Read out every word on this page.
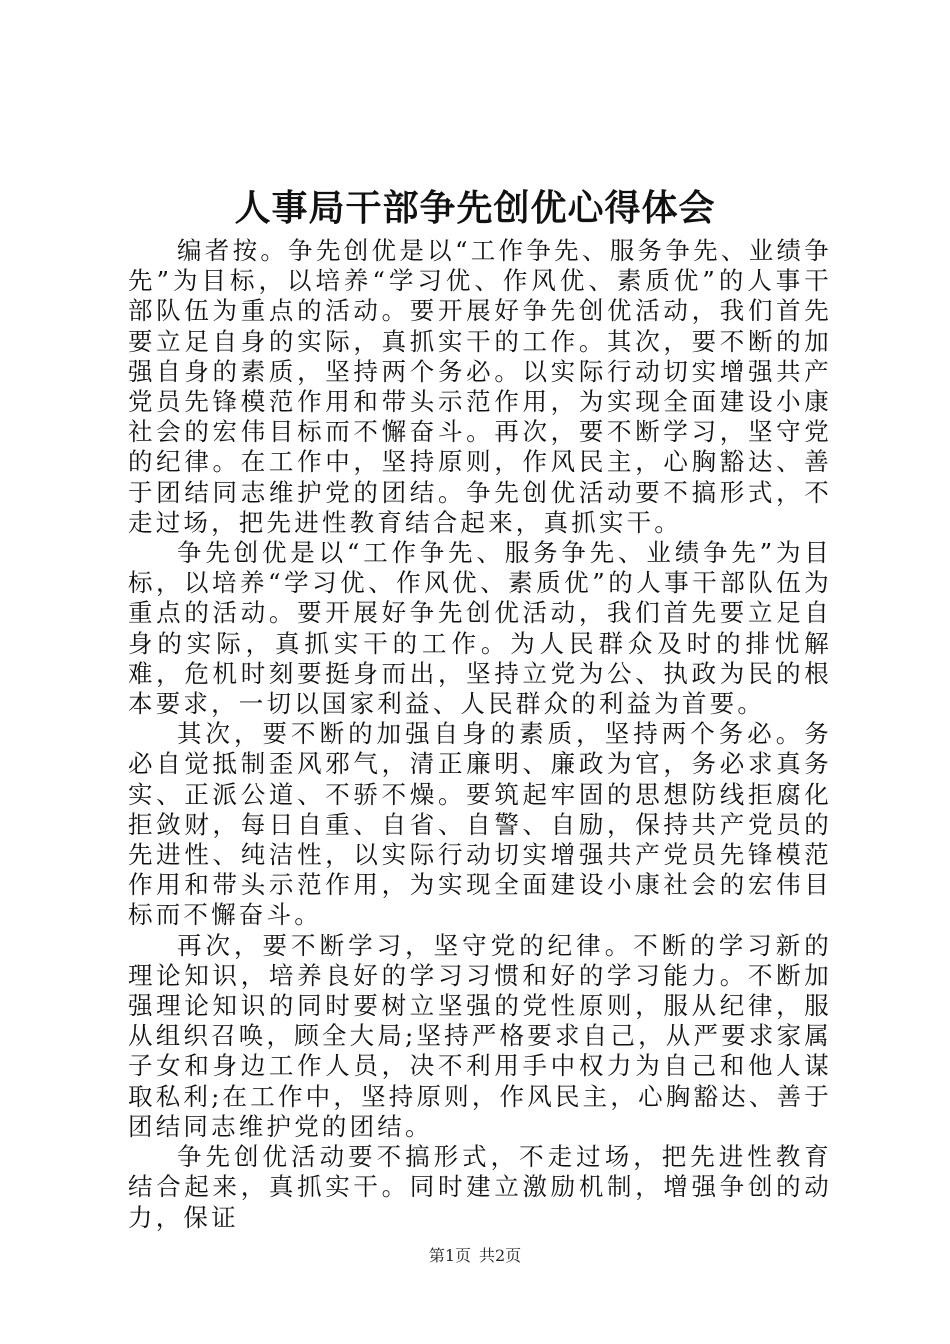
人事局干部争先创优心得体会

编者按。争先创优是以“工作争先、服务争先、业绩争先”为目标，以培养“学习优、作风优、素质优”的人事干部队伍为重点的活动。要开展好争先创优活动，我们首先要立足自身的实际，真抓实干的工作。其次，要不断的加强自身的素质，坚持两个务必。以实际行动切实增强共产党员先锋模范作用和带头示范作用，为实现全面建设小康社会的宏伟目标而不懈奋斗。再次，要不断学习，坚守党的纪律。在工作中，坚持原则，作风民主，心胸豁达、善于团结同志维护党的团结。争先创优活动要不搞形式，不走过场，把先进性教育结合起来，真抓实干。

争先创优是以“工作争先、服务争先、业绩争先”为目标，以培养“学习优、作风优、素质优”的人事干部队伍为重点的活动。要开展好争先创优活动，我们首先要立足自身的实际，真抓实干的工作。为人民群众及时的排忧解难，危机时刻要挺身而出，坚持立党为公、执政为民的根本要求，一切以国家利益、人民群众的利益为首要。

其次，要不断的加强自身的素质，坚持两个务必。务必自觉抵制歪风邪气，清正廉明、廉政为官，务必求真务实、正派公道、不骄不燥。要筑起牢固的思想防线拒腐化拒敛财，每日自重、自省、自警、自励，保持共产党员的先进性、纯洁性，以实际行动切实增强共产党员先锋模范作用和带头示范作用，为实现全面建设小康社会的宏伟目标而不懈奋斗。

再次，要不断学习，坚守党的纪律。不断的学习新的理论知识，培养良好的学习习惯和好的学习能力。不断加强理论知识的同时要树立坚强的党性原则，服从纪律，服从组织召唤，顾全大局;坚持严格要求自己，从严要求家属子女和身边工作人员，决不利用手中权力为自己和他人谋取私利;在工作中，坚持原则，作风民主，心胸豁达、善于团结同志维护党的团结。

争先创优活动要不搞形式，不走过场，把先进性教育结合起来，真抓实干。同时建立激励机制，增强争创的动力，保证

第1页 共2页
